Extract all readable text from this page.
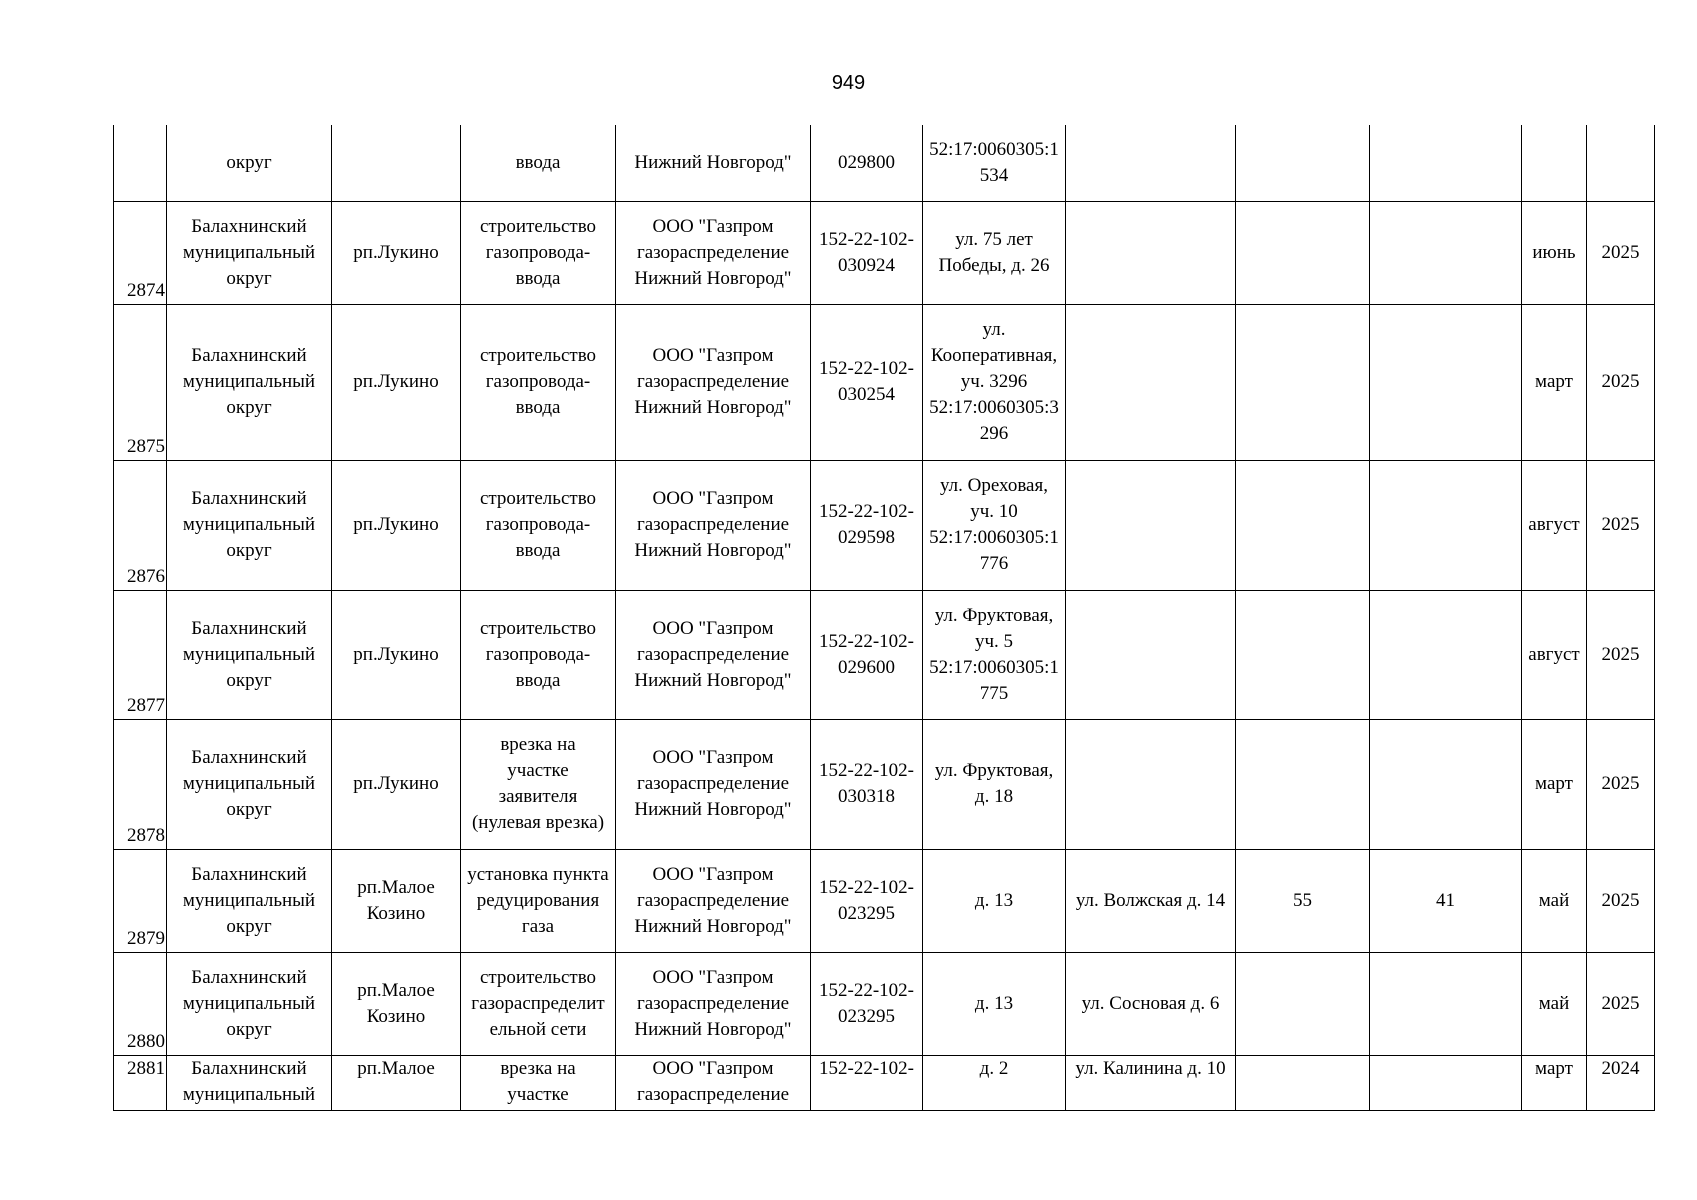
949

	округ		ввода	Нижний Новгород"	029800	52:17:0060305:1
534					

2874	Балахнинский
муниципальный
округ	рп.Лукино	строительство
газопровода-
ввода	ООО "Газпром
газораспределение
Нижний Новгород"	152-22-102-
030924	ул. 75 лет
Победы, д. 26				июнь	2025
2875	Балахнинский
муниципальный
округ	рп.Лукино	строительство
газопровода-
ввода	ООО "Газпром
газораспределение
Нижний Новгород"	152-22-102-
030254	ул.
Кооперативная,
уч. 3296
52:17:0060305:3
296				март	2025
2876	Балахнинский
муниципальный
округ	рп.Лукино	строительство
газопровода-
ввода	ООО "Газпром
газораспределение
Нижний Новгород"	152-22-102-
029598	ул. Ореховая,
уч. 10
52:17:0060305:1
776				август	2025
2877	Балахнинский
муниципальный
округ	рп.Лукино	строительство
газопровода-
ввода	ООО "Газпром
газораспределение
Нижний Новгород"	152-22-102-
029600	ул. Фруктовая,
уч. 5
52:17:0060305:1
775				август	2025
2878	Балахнинский
муниципальный
округ	рп.Лукино	врезка на
участке
заявителя
(нулевая врезка)	ООО "Газпром
газораспределение
Нижний Новгород"	152-22-102-
030318	ул. Фруктовая,
д. 18				март	2025
2879	Балахнинский
муниципальный
округ	рп.Малое
Козино	установка пункта
редуцирования
газа	ООО "Газпром
газораспределение
Нижний Новгород"	152-22-102-
023295	д. 13	ул. Волжская д. 14	55	41	май	2025
2880	Балахнинский
муниципальный
округ	рп.Малое
Козино	строительство
газораспределит
ельной сети	ООО "Газпром
газораспределение
Нижний Новгород"	152-22-102-
023295	д. 13	ул. Сосновая д. 6			май	2025
2881	Балахнинский
муниципальный	рп.Малое	врезка на
участке	ООО "Газпром
газораспределение	152-22-102-	д. 2	ул. Калинина д. 10			март	2024
